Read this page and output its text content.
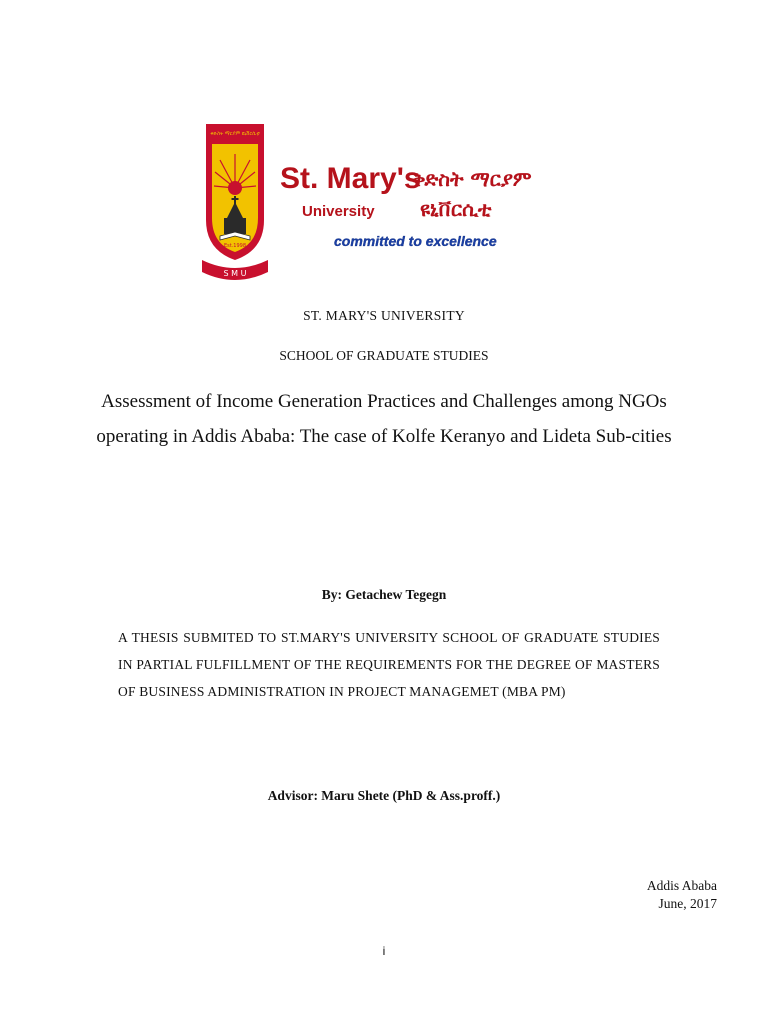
ቅድስት ማርያም ዩኒቨርሲቲ
Est.1998
S M U
St. Mary's
University
ቅድስት ማርያም
ዩኒቨርሲቲ
committed to excellence
ST. MARY'S UNIVERSITY
SCHOOL OF GRADUATE STUDIES
Assessment of Income Generation Practices and Challenges among NGOs operating in Addis Ababa: The case of Kolfe Keranyo and Lideta Sub-cities
By: Getachew Tegegn
A THESIS SUBMITED TO ST.MARY'S UNIVERSITY SCHOOL OF GRADUATE STUDIES IN PARTIAL FULFILLMENT OF THE REQUIREMENTS FOR THE DEGREE OF MASTERS OF BUSINESS ADMINISTRATION IN PROJECT MANAGEMET (MBA PM)
Advisor: Maru Shete (PhD & Ass.proff.)
Addis Ababa
June, 2017
i
